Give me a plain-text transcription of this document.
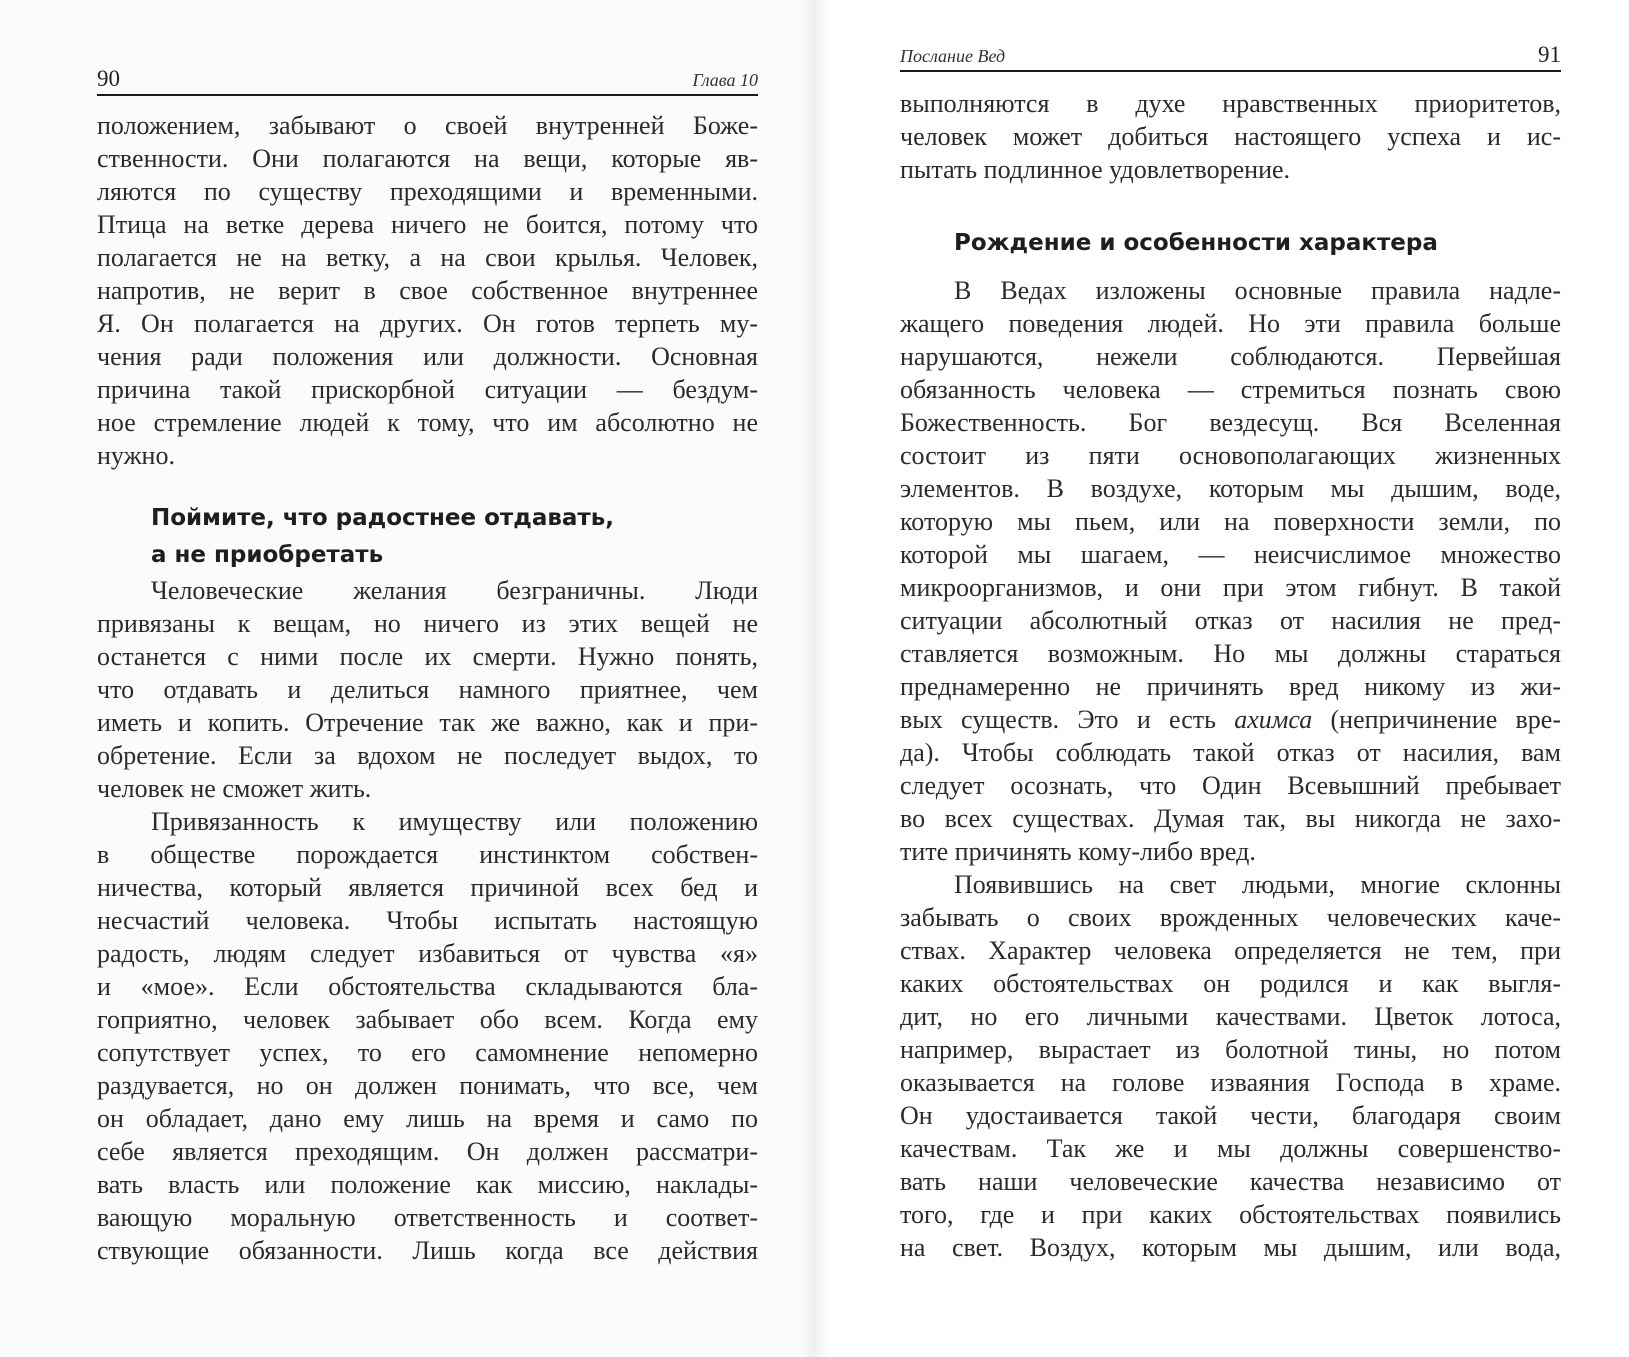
90	Глава 10
положением, забывают о своей внутренней Боже-
ственности. Они полагаются на вещи, которые яв-
ляются по существу преходящими и временными.
Птица на ветке дерева ничего не боится, потому что
полагается не на ветку, а на свои крылья. Человек,
напротив, не верит в свое собственное внутреннее
Я. Он полагается на других. Он готов терпеть му-
чения ради положения или должности. Основная
причина такой прискорбной ситуации — бездум-
ное стремление людей к тому, что им абсолютно не
нужно.
Поймите, что радостнее отдавать,
а не приобретать
Человеческие желания безграничны. Люди
привязаны к вещам, но ничего из этих вещей не
останется с ними после их смерти. Нужно понять,
что отдавать и делиться намного приятнее, чем
иметь и копить. Отречение так же важно, как и при-
обретение. Если за вдохом не последует выдох, то
человек не сможет жить.
Привязанность к имуществу или положению
в обществе порождается инстинктом собствен-
ничества, который является причиной всех бед и
несчастий человека. Чтобы испытать настоящую
радость, людям следует избавиться от чувства «я»
и «мое». Если обстоятельства складываются бла-
гоприятно, человек забывает обо всем. Когда ему
сопутствует успех, то его самомнение непомерно
раздувается, но он должен понимать, что все, чем
он обладает, дано ему лишь на время и само по
себе является преходящим. Он должен рассматри-
вать власть или положение как миссию, наклады-
вающую моральную ответственность и соответ-
ствующие обязанности. Лишь когда все действия
Послание Вед	91
выполняются в духе нравственных приоритетов,
человек может добиться настоящего успеха и ис-
пытать подлинное удовлетворение.
Рождение и особенности характера
В Ведах изложены основные правила надле-
жащего поведения людей. Но эти правила больше
нарушаются, нежели соблюдаются. Первейшая
обязанность человека — стремиться познать свою
Божественность. Бог вездесущ. Вся Вселенная
состоит из пяти основополагающих жизненных
элементов. В воздухе, которым мы дышим, воде,
которую мы пьем, или на поверхности земли, по
которой мы шагаем, — неисчислимое множество
микроорганизмов, и они при этом гибнут. В такой
ситуации абсолютный отказ от насилия не пред-
ставляется возможным. Но мы должны стараться
преднамеренно не причинять вред никому из жи-
вых существ. Это и есть ахимса (непричинение вре-
да). Чтобы соблюдать такой отказ от насилия, вам
следует осознать, что Один Всевышний пребывает
во всех существах. Думая так, вы никогда не захо-
тите причинять кому-либо вред.
Появившись на свет людьми, многие склонны
забывать о своих врожденных человеческих каче-
ствах. Характер человека определяется не тем, при
каких обстоятельствах он родился и как выгля-
дит, но его личными качествами. Цветок лотоса,
например, вырастает из болотной тины, но потом
оказывается на голове изваяния Господа в храме.
Он удостаивается такой чести, благодаря своим
качествам. Так же и мы должны совершенство-
вать наши человеческие качества независимо от
того, где и при каких обстоятельствах появились
на свет. Воздух, которым мы дышим, или вода,
